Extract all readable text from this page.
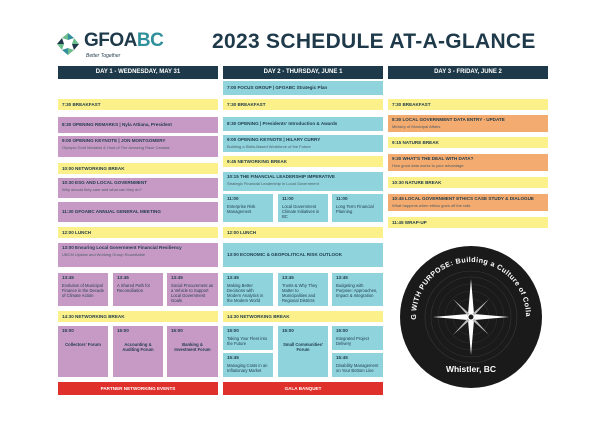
GFOABC
Better Together
2023 SCHEDULE AT-A-GLANCE
DAY 1 - WEDNESDAY, MAY 31	DAY 2 - THURSDAY, JUNE 1	DAY 3 - FRIDAY, JUNE 2
7:30 BREAKFAST
8:30 OPENING REMARKS | Nyla Attiana, President
9:00 OPENING KEYNOTE | JON MONTGOMERY
Olympic Gold Medalist & Host of The Amazing Race Canada
10:00 NETWORKING BREAK
10:30 ESG AND LOCAL GOVERNMENT
Why should they care and what can they do?
11:30 GFOABC ANNUAL GENERAL MEETING
12:00 LUNCH
13:00 Ensuring Local Government Financial Resiliency
UBCM Update and Working Group Roundtable
13:45
Evolution of Municipal Finance in the Decade of Climate Action
13:45
A Shared Path for Reconciliation
13:45
Social Procurement as a Vehicle to Support Local Government Goals
14:30 NETWORKING BREAK
15:00
Collectors' Forum
15:00
Accounting & Auditing Forum
15:00
Banking & Investment Forum
PARTNER NETWORKING EVENTS
7:00 FOCUS GROUP | GFOABC Strategic Plan
7:30 BREAKFAST
8:30 OPENING | Presidents' Introduction & Awards
9:00 OPENING KEYNOTE | HILARY CURRY
Building a Skills-Based Workforce of the Future
9:45 NETWORKING BREAK
10:15 THE FINANCIAL LEADERSHIP IMPERATIVE
Strategic Financial Leadership in Local Government
11:00
Enterprise Risk Management
11:00
Local Government Climate Initiatives in BC
11:00
Long Term Financial Planning
12:00 LUNCH
13:00 ECONOMIC & GEOPOLITICAL RISK OUTLOOK
13:45
Making Better Decisions with Modern Analytics in the Modern World
13:45
Trusts & Why They Matter to Municipalities and Regional Districts
13:45
Budgeting with Purpose: Approaches, Impact & Integration
14:30 NETWORKING BREAK
15:00
Taking Your Fleet into the Future
15:45
Managing Costs in an Inflationary Market
15:00
Small Communities' Forum
15:00
Integrated Project Delivery
15:45
Disability Management on Your Bottom Line
GALA BANQUET
7:30 BREAKFAST
8:30 LOCAL GOVERNMENT DATA ENTRY - UPDATE
Ministry of Municipal Affairs
9:15 NATURE BREAK
9:30 WHAT'S THE DEAL WITH DATA?
How good data works to your advantage
10:30 NATURE BREAK
10:45 LOCAL GOVERNMENT ETHICS CASE STUDY & DIALOGUE
What happens when ethics goes off the rails
11:45 WRAP-UP
G WITH PURPOSE: Building a Culture of Colla
Whistler, BC
